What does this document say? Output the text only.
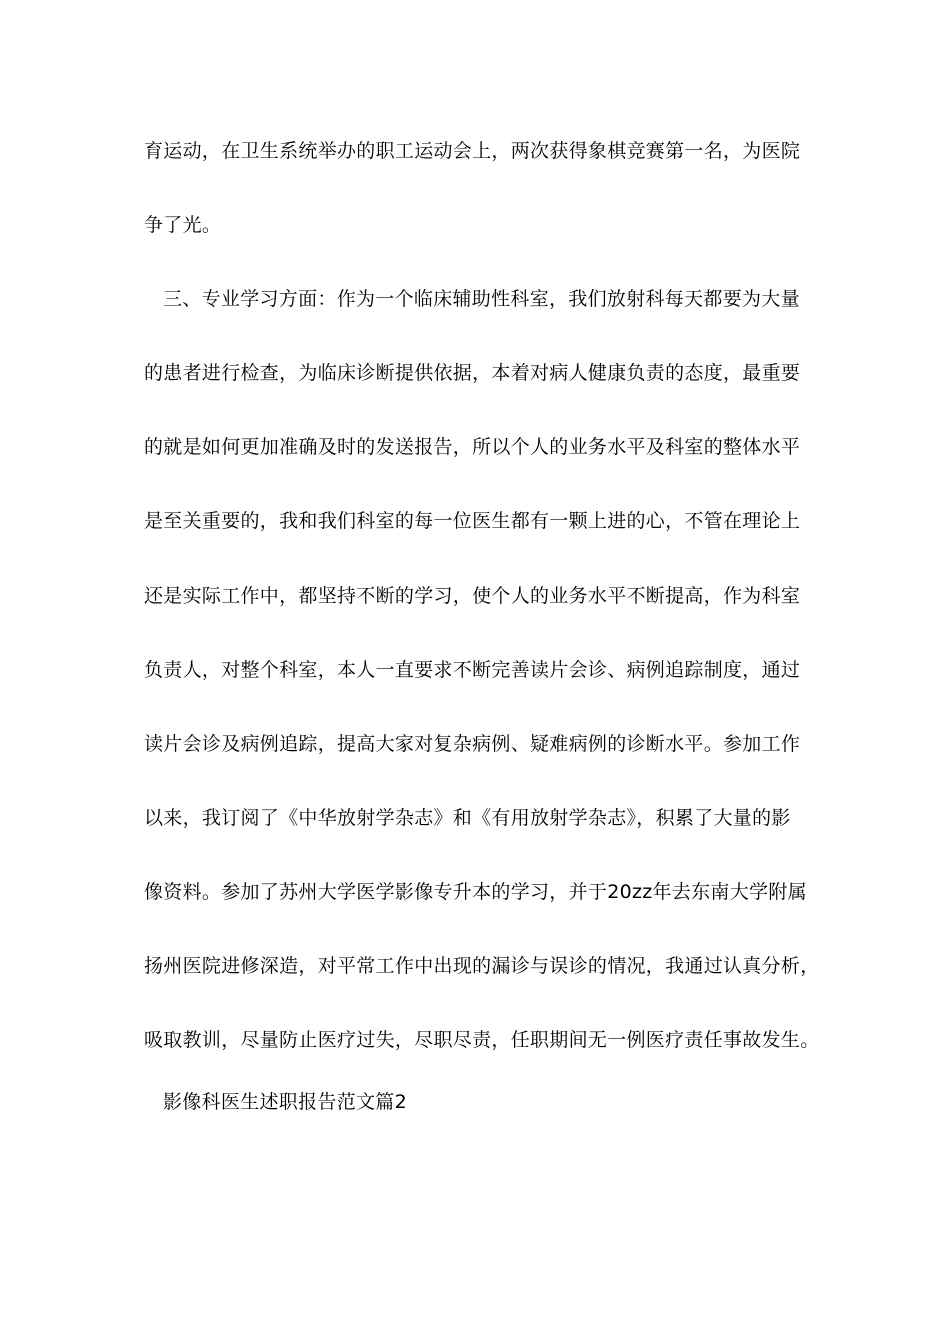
育运动，在卫生系统举办的职工运动会上，两次获得象棋竞赛第一名，为医院

争了光。

三、专业学习方面：作为一个临床辅助性科室，我们放射科每天都要为大量

的患者进行检查，为临床诊断提供依据，本着对病人健康负责的态度，最重要

的就是如何更加准确及时的发送报告，所以个人的业务水平及科室的整体水平

是至关重要的，我和我们科室的每一位医生都有一颗上进的心，不管在理论上

还是实际工作中，都坚持不断的学习，使个人的业务水平不断提高，作为科室

负责人，对整个科室，本人一直要求不断完善读片会诊、病例追踪制度，通过

读片会诊及病例追踪，提高大家对复杂病例、疑难病例的诊断水平。参加工作

以来，我订阅了《中华放射学杂志》和《有用放射学杂志》，积累了大量的影

像资料。参加了苏州大学医学影像专升本的学习，并于20zz年去东南大学附属

扬州医院进修深造，对平常工作中出现的漏诊与误诊的情况，我通过认真分析，

吸取教训，尽量防止医疗过失，尽职尽责，任职期间无一例医疗责任事故发生。

影像科医生述职报告范文篇2
